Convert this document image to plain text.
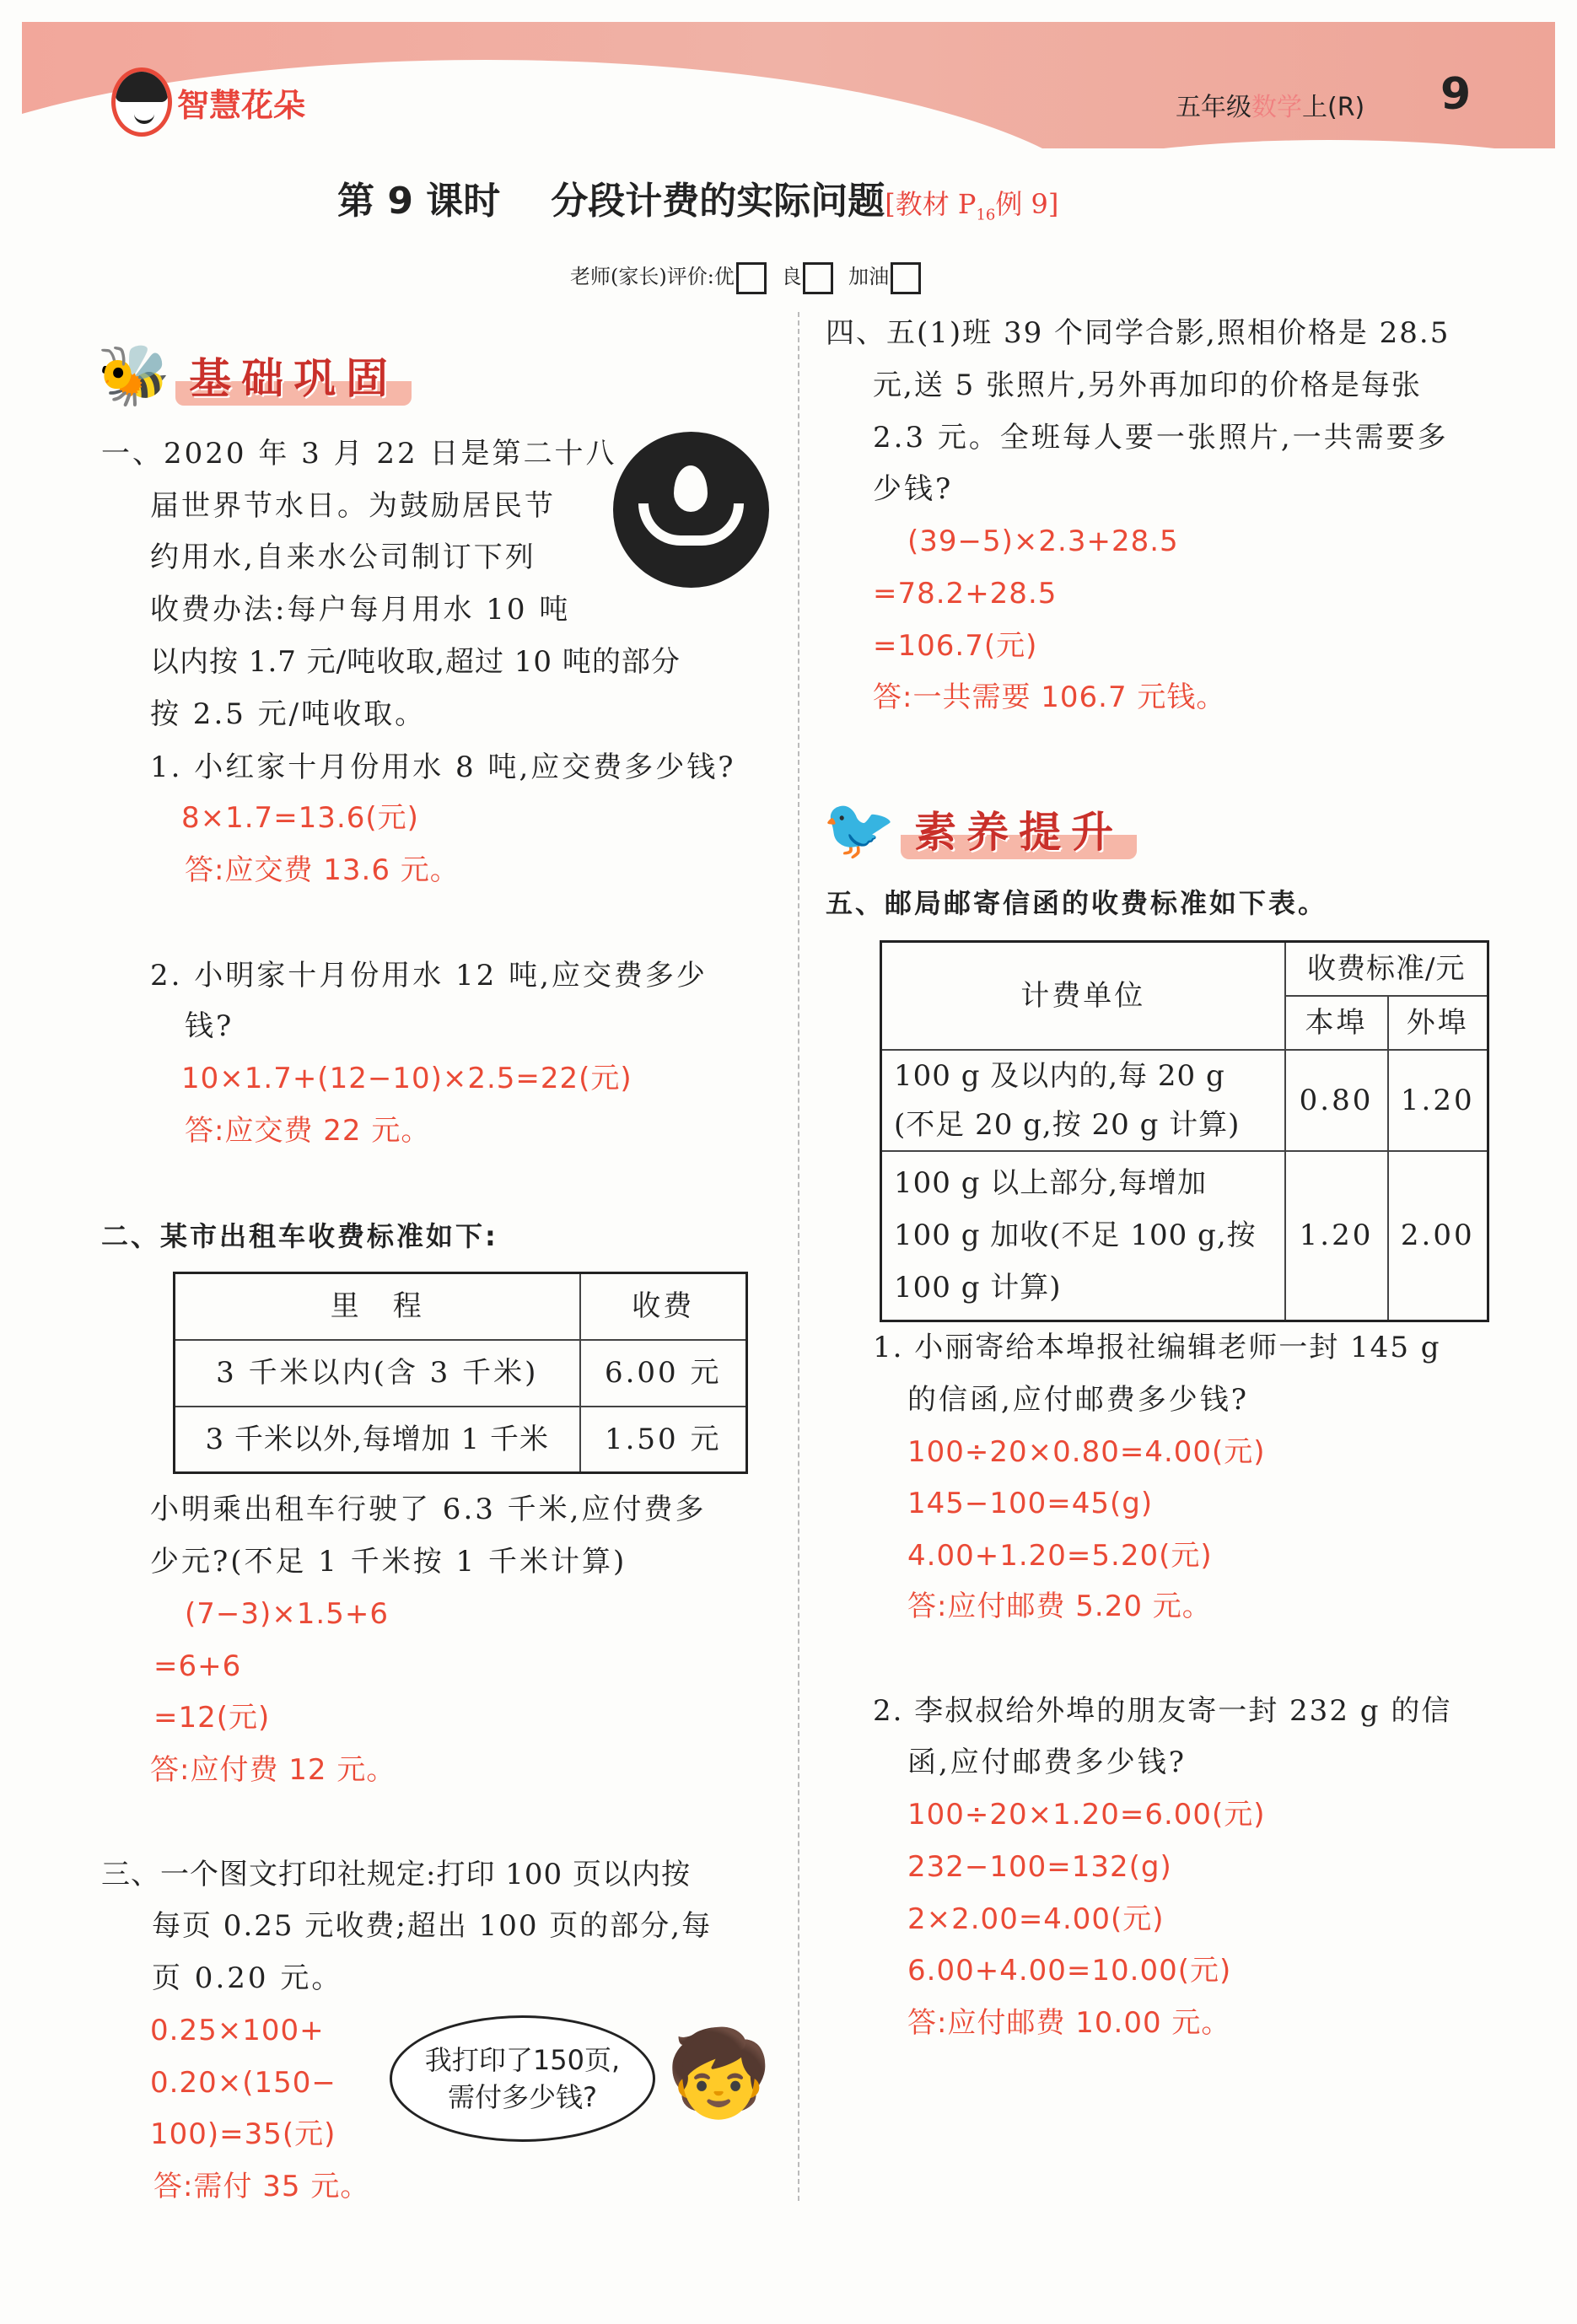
智慧花朵	五年级数学上(R) 9
第 9 课时 分段计费的实际问题[教材 $P_{16}$例 9]
老师(家长)评价:优 良 加油
🐝 基础巩固
一、2020 年 3 月 22 日是第二十八
届世界节水日。为鼓励居民节
约用水,自来水公司制订下列
收费办法:每户每月用水 10 吨
以内按 1.7 元/吨收取,超过 10 吨的部分
按 2.5 元/吨收取。
1. 小红家十月份用水 8 吨,应交费多少钱?
8×1.7=13.6(元)
答:应交费 13.6 元。
2. 小明家十月份用水 12 吨,应交费多少
钱?
10×1.7+(12−10)×2.5=22(元)
答:应交费 22 元。
二、某市出租车收费标准如下:
里　程	收费
3 千米以内(含 3 千米)	6.00 元
3 千米以外,每增加 1 千米	1.50 元
小明乘出租车行驶了 6.3 千米,应付费多
少元?(不足 1 千米按 1 千米计算)
(7−3)×1.5+6
=6+6
=12(元)
答:应付费 12 元。
三、一个图文打印社规定:打印 100 页以内按
每页 0.25 元收费;超出 100 页的部分,每
页 0.20 元。
0.25×100+
0.20×(150−
100)=35(元)
答:需付 35 元。
我打印了150页,
需付多少钱? 🧒
四、五(1)班 39 个同学合影,照相价格是 28.5
元,送 5 张照片,另外再加印的价格是每张
2.3 元。全班每人要一张照片,一共需要多
少钱?
(39−5)×2.3+28.5
=78.2+28.5
=106.7(元)
答:一共需要 106.7 元钱。
🐦 素养提升
五、邮局邮寄信函的收费标准如下表。
计费单位	收费标准/元	
	本埠	外埠

100 g 及以内的,每 20 g
(不足 20 g,按 20 g 计算)	0.80	1.20

100 g 以上部分,每增加
100 g 加收(不足 100 g,按
100 g 计算)	1.20	2.00
1. 小丽寄给本埠报社编辑老师一封 145 g
的信函,应付邮费多少钱?
100÷20×0.80=4.00(元)
145−100=45(g)
4.00+1.20=5.20(元)
答:应付邮费 5.20 元。
2. 李叔叔给外埠的朋友寄一封 232 g 的信
函,应付邮费多少钱?
100÷20×1.20=6.00(元)
232−100=132(g)
2×2.00=4.00(元)
6.00+4.00=10.00(元)
答:应付邮费 10.00 元。
